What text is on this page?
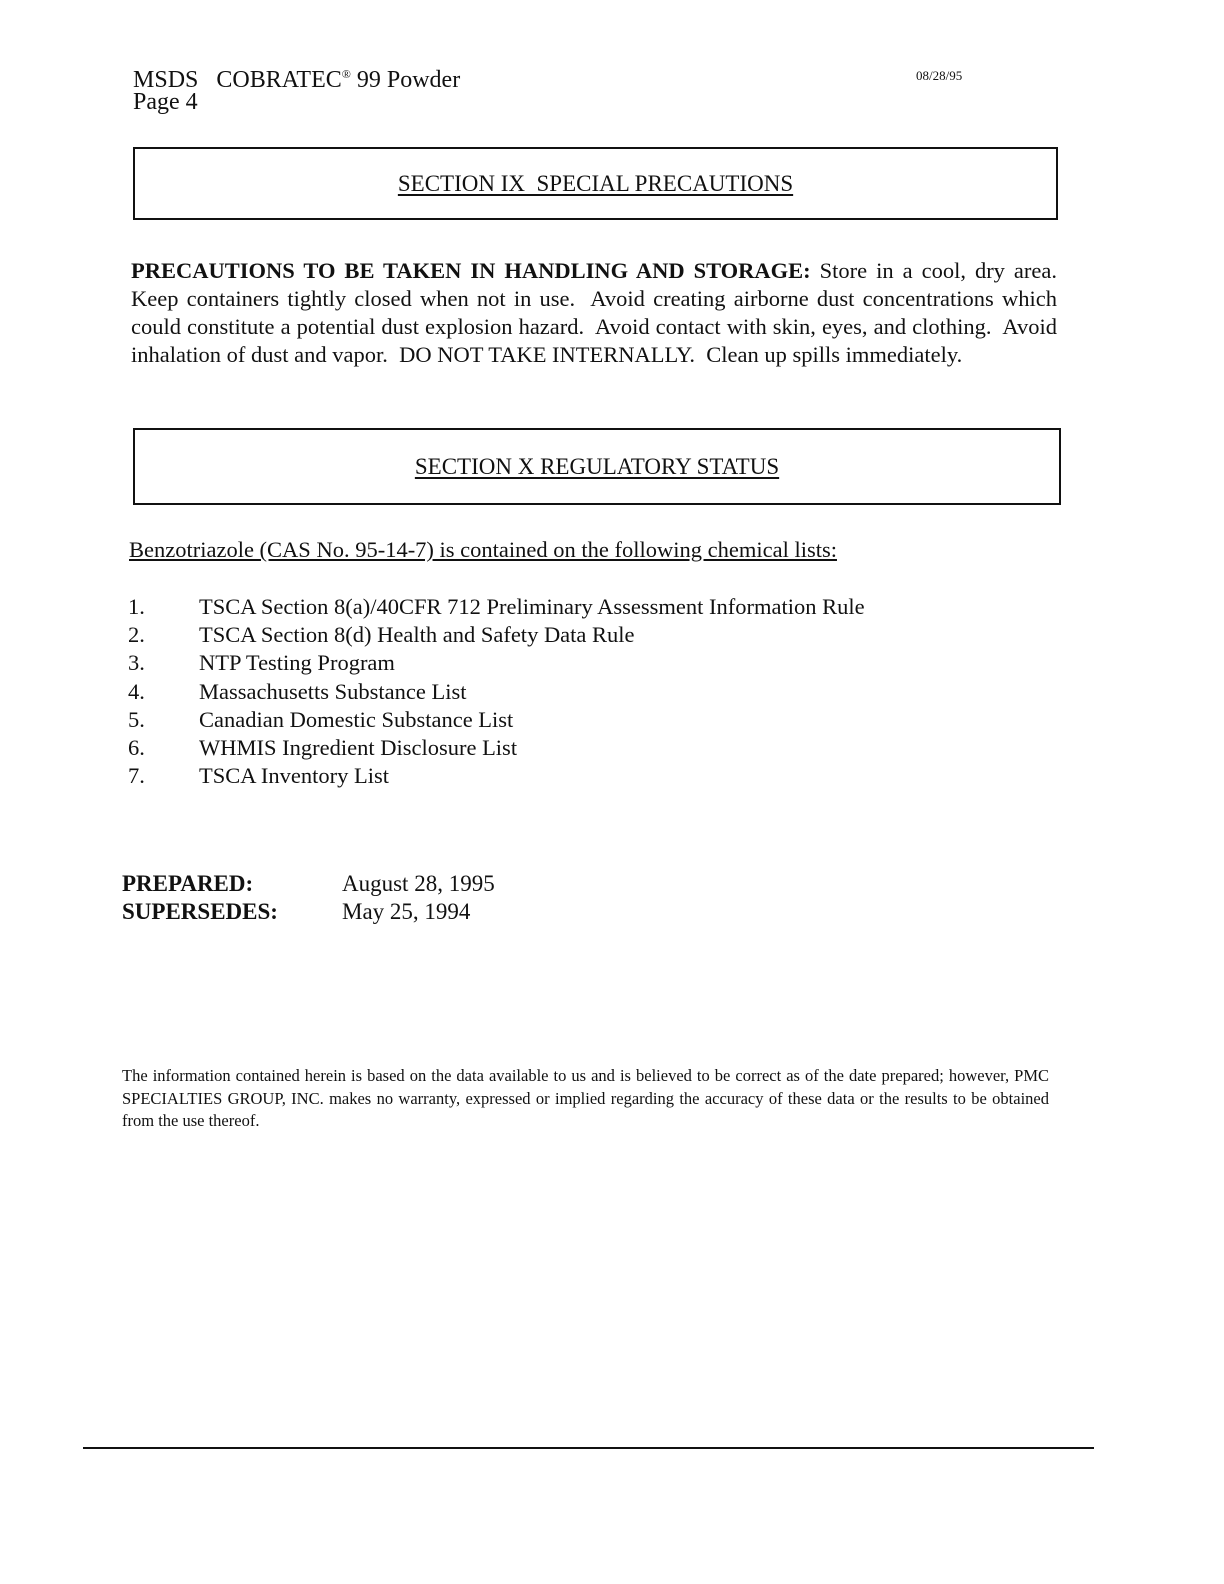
MSDS COBRATEC® 99 Powder
Page 4
08/28/95
SECTION IX  SPECIAL PRECAUTIONS
PRECAUTIONS TO BE TAKEN IN HANDLING AND STORAGE: Store in a cool, dry area.  Keep containers tightly closed when not in use.  Avoid creating airborne dust concentrations which could constitute a potential dust explosion hazard.  Avoid contact with skin, eyes, and clothing.  Avoid inhalation of dust and vapor.  DO NOT TAKE INTERNALLY.  Clean up spills immediately.
SECTION X REGULATORY STATUS
Benzotriazole (CAS No. 95-14-7) is contained on the following chemical lists:
1. TSCA Section 8(a)/40CFR 712 Preliminary Assessment Information Rule
2. TSCA Section 8(d) Health and Safety Data Rule
3. NTP Testing Program
4. Massachusetts Substance List
5. Canadian Domestic Substance List
6. WHMIS Ingredient Disclosure List
7. TSCA Inventory List
PREPARED:	August 28, 1995
SUPERSEDES:	May 25, 1994
The information contained herein is based on the data available to us and is believed to be correct as of the date prepared; however, PMC SPECIALTIES GROUP, INC. makes no warranty, expressed or implied regarding the accuracy of these data or the results to be obtained from the use thereof.
